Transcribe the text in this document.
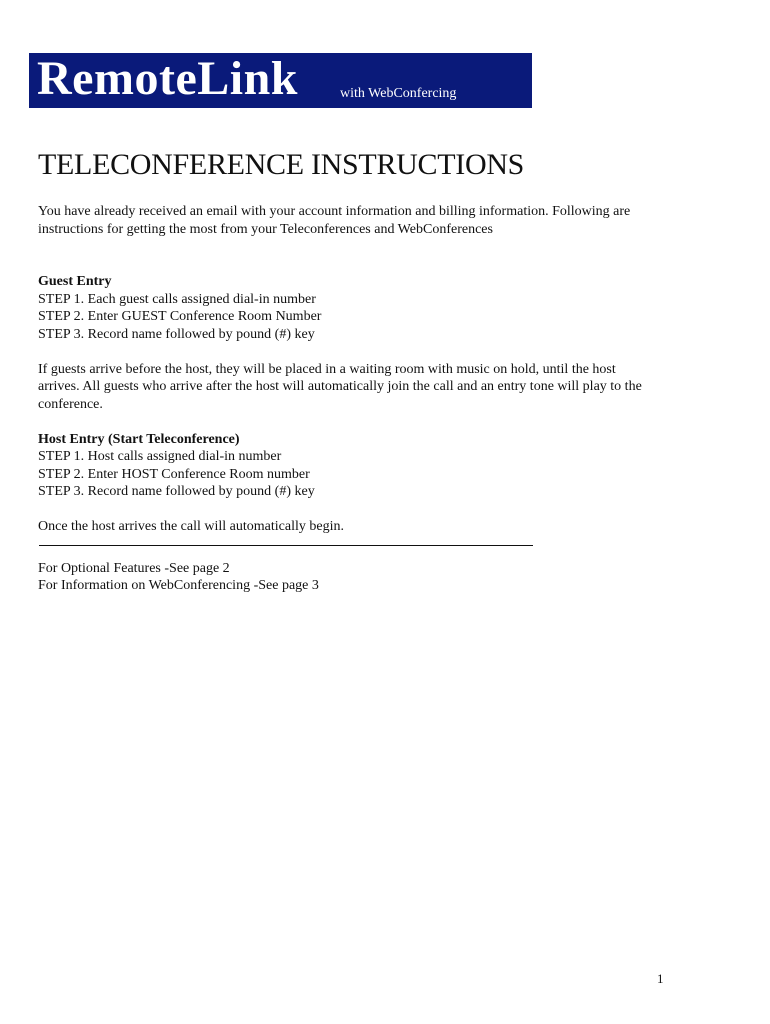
RemoteLink	with WebConfercing
TELECONFERENCE INSTRUCTIONS

You have already received an email with your account information and billing information. Following are

instructions for getting the most from your Teleconferences and WebConferences

Guest Entry

STEP 1. Each guest calls assigned dial-in number

STEP 2. Enter GUEST Conference Room Number

STEP 3. Record name followed by pound (#) key

If guests arrive before the host, they will be placed in a waiting room with music on hold, until the host

arrives. All guests who arrive after the host will automatically join the call and an entry tone will play to the

conference.

Host Entry (Start Teleconference)

STEP 1. Host calls assigned dial-in number

STEP 2. Enter HOST Conference Room number

STEP 3. Record name followed by pound (#) key

Once the host arrives the call will automatically begin.

For Optional Features -See page 2

For Information on WebConferencing -See page 3

1
